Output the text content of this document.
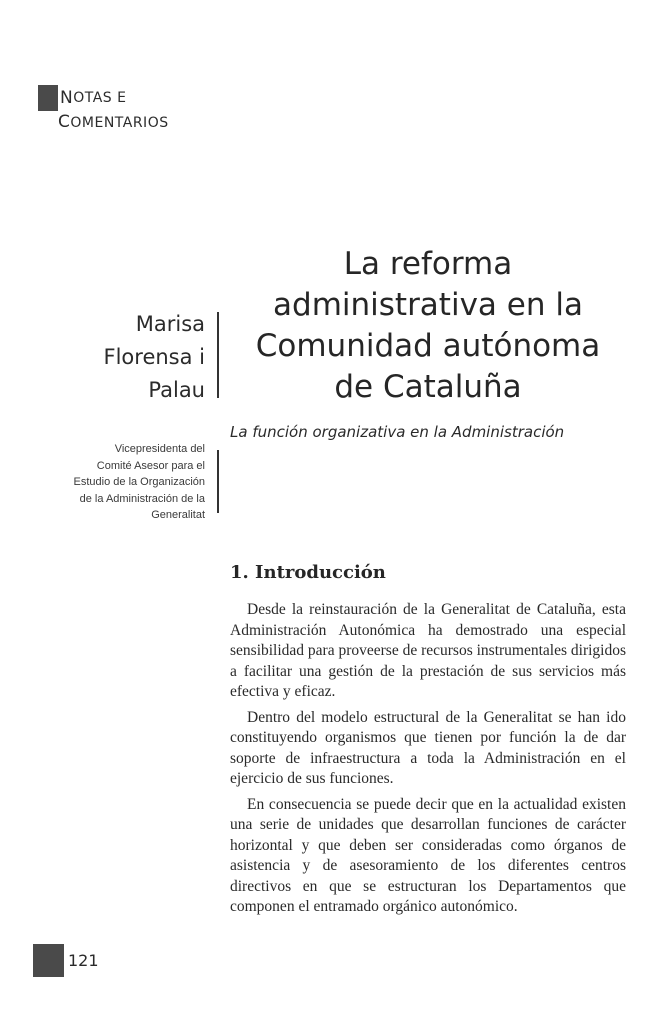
N OTAS E
COMENTARIOS
Marisa
Florensa i
Palau
Vicepresidenta del
Comité Asesor para el
Estudio de la Organización
de la Administración de la
Generalitat
La reforma
administrativa en la
Comunidad autónoma
de Cataluña
La función organizativa en la Administración
1. Introducción

Desde la reinstauración de la Generalitat de Cataluña, esta Administración Autonómica ha demostrado una especial sensibilidad para proveerse de recursos instrumentales dirigidos a facilitar una gestión de la prestación de sus servicios más efectiva y eficaz.

Dentro del modelo estructural de la Generalitat se han ido constituyendo organismos que tienen por función la de dar soporte de infraestructura a toda la Administración en el ejercicio de sus funciones.

En consecuencia se puede decir que en la actualidad existen una serie de unidades que desarrollan funciones de carácter horizontal y que deben ser consideradas como órganos de asistencia y de asesoramiento de los diferentes centros directivos en que se estructuran los Departamentos que componen el entramado orgánico autonómico.

121
